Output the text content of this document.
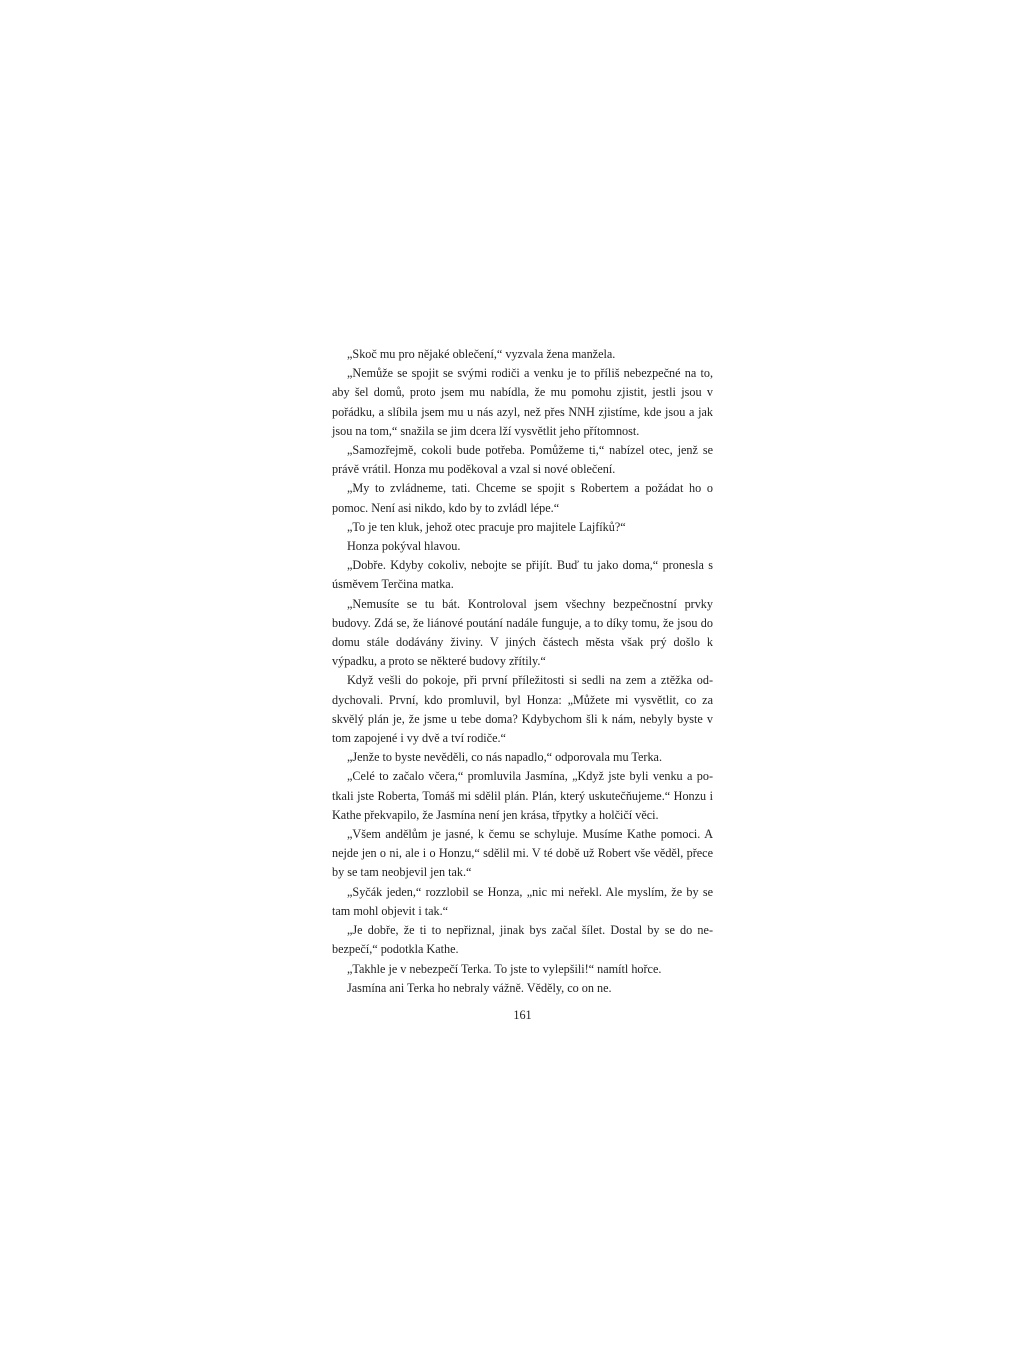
„Skoč mu pro nějaké oblečení,“ vyzvala žena manžela.

„Nemůže se spojit se svými rodiči a venku je to příliš nebezpečné na to, aby šel domů, proto jsem mu nabídla, že mu pomohu zjistit, jestli jsou v pořádku, a slíbila jsem mu u nás azyl, než přes NNH zjistíme, kde jsou a jak jsou na tom,“ snažila se jim dcera lží vysvětlit jeho přítomnost.

„Samozřejmě, cokoli bude potřeba. Pomůžeme ti,“ nabízel otec, jenž se právě vrátil. Honza mu poděkoval a vzal si nové oblečení.

„My to zvládneme, tati. Chceme se spojit s Robertem a požádat ho o pomoc. Není asi nikdo, kdo by to zvládl lépe.“

„To je ten kluk, jehož otec pracuje pro majitele Lajfíků?“

Honza pokýval hlavou.

„Dobře. Kdyby cokoliv, nebojte se přijít. Buď tu jako doma,“ pronesla s úsměvem Terčina matka.

„Nemusíte se tu bát. Kontroloval jsem všechny bezpečnostní prvky budovy. Zdá se, že liánové poutání nadále funguje, a to díky tomu, že jsou do domu stále dodávány živiny. V jiných částech města však prý došlo k výpadku, a proto se některé budovy zřítily.“

Když vešli do pokoje, při první příležitosti si sedli na zem a ztěžka oddychovali. První, kdo promluvil, byl Honza: „Můžete mi vysvětlit, co za skvělý plán je, že jsme u tebe doma? Kdybychom šli k nám, nebyly byste v tom zapojené i vy dvě a tví rodiče.“

„Jenže to byste nevěděli, co nás napadlo,“ odporovala mu Terka.

„Celé to začalo včera,“ promluvila Jasmína, „Když jste byli venku a potkali jste Roberta, Tomáš mi sdělil plán. Plán, který uskutečňujeme.“ Honzu i Kathe překvapilo, že Jasmína není jen krása, třpytky a holčičí věci.

„Všem andělům je jasné, k čemu se schyluje. Musíme Kathe pomoci. A nejde jen o ni, ale i o Honzu,“ sdělil mi. V té době už Robert vše věděl, přece by se tam neobjevil jen tak.“

„Syčák jeden,“ rozzlobil se Honza, „nic mi neřekl. Ale myslím, že by se tam mohl objevit i tak.“

„Je dobře, že ti to nepřiznal, jinak bys začal šílet. Dostal by se do nebezpečí,“ podotkla Kathe.

„Takhle je v nebezpečí Terka. To jste to vylepšili!“ namítl hořce.

Jasmína ani Terka ho nebraly vážně. Věděly, co on ne.

161
